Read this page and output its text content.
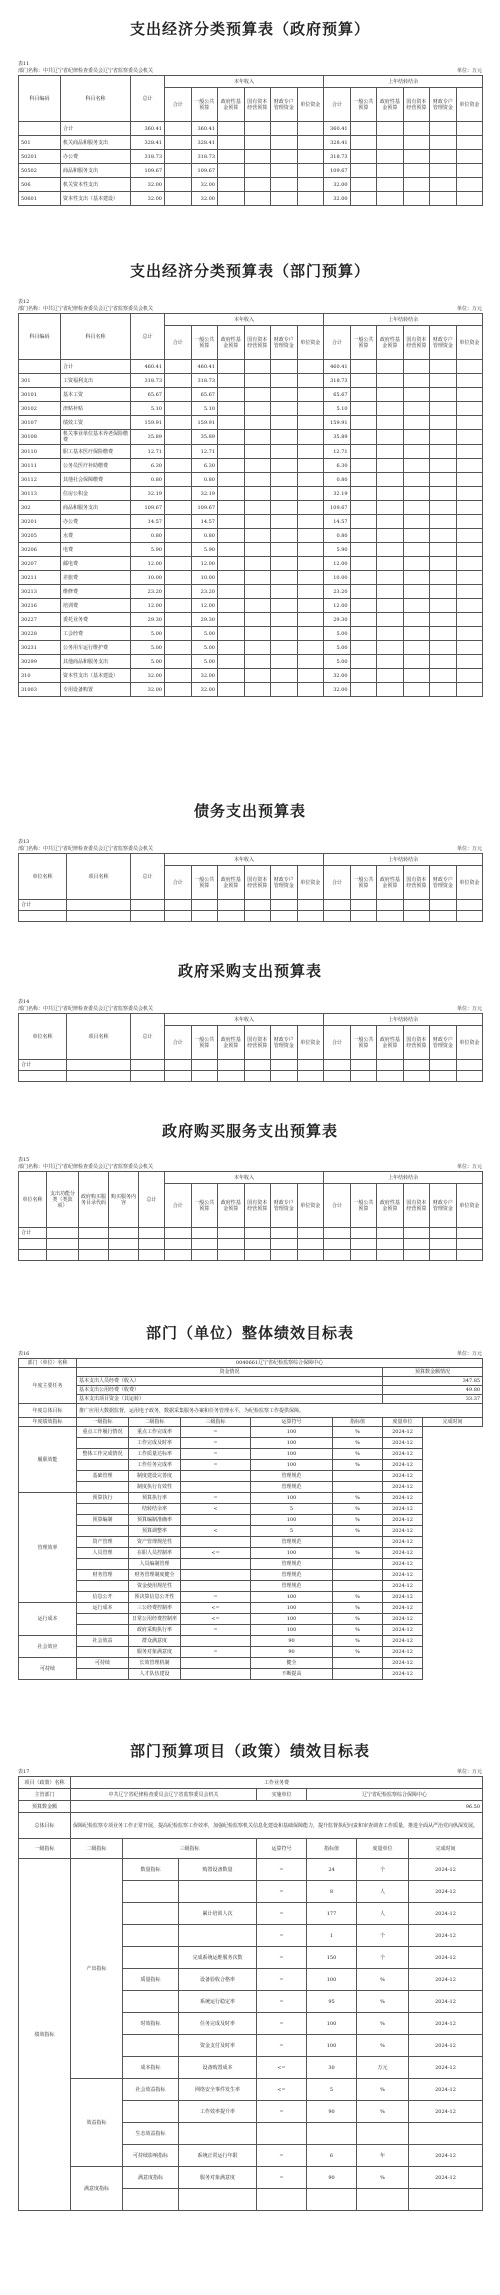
支出经济分类预算表（政府预算）
表11
部门名称：中共辽宁省纪律检查委员会辽宁省监察委员会机关	单位：万元
科目编码	科目名称	总计	本年收入						上年结转结余						
			合计	一般公共预算	政府性基金预算	国有资本经营预算	财政专户管理资金	单位资金	合计	一般公共预算	政府性基金预算	国有资本经营预算	财政专户管理资金	单位资金	
	合计	360.41		360.41					360.41						
501	机关商品和服务支出	328.41		328.41					328.41						
50201	办公费	318.73		318.73					318.73						
50502	商品和服务支出	109.67		109.67					109.67						
506	机关资本性支出	32.00		32.00					32.00						
50601	资本性支出（基本建设）	32.00		32.00					32.00						
支出经济分类预算表（部门预算）
表12
部门名称：中共辽宁省纪律检查委员会辽宁省监察委员会机关	单位：万元
科目编码	科目名称	总计	本年收入						上年结转结余						
			合计	一般公共预算	政府性基金预算	国有资本经营预算	财政专户管理资金	单位资金	合计	一般公共预算	政府性基金预算	国有资本经营预算	财政专户管理资金	单位资金	
	合计	460.41		460.41					460.41						
301	工资福利支出	318.73		318.73					318.73						
30101	基本工资	65.67		65.67					65.67						
30102	津贴补贴	5.10		5.10					5.10						
30107	绩效工资	159.91		159.91					159.91						
30108	机关事业单位基本养老保险缴费	35.89		35.89					35.89						
30110	职工基本医疗保险缴费	12.71		12.71					12.71						
30111	公务员医疗补助缴费	6.30		6.30					6.30						
30112	其他社会保障缴费	0.80		0.80					0.80						
30113	住房公积金	32.19		32.19					32.19						
302	商品和服务支出	109.67		109.67					109.67						
30201	办公费	14.57		14.57					14.57						
30205	水费	0.80		0.80					0.80						
30206	电费	5.90		5.90					5.90						
30207	邮电费	12.00		12.00					12.00						
30211	差旅费	10.00		10.00					10.00						
30213	维修费	23.20		23.20					23.20						
30216	培训费	12.00		12.00					12.00						
30227	委托业务费	29.30		29.30					29.30						
30228	工会经费	5.00		5.00					5.00						
30231	公务用车运行维护费	5.00		5.00					5.00						
30299	其他商品和服务支出	5.00		5.00					5.00						
310	资本性支出（基本建设）	32.00		32.00					32.00						
31003	专用设备购置	32.00		32.00					32.00						
债务支出预算表
表13
部门名称：中共辽宁省纪律检查委员会辽宁省监察委员会机关	单位：万元
单位名称	项目名称	总计	本年收入						上年结转结余					
			合计	一般公共预算	政府性基金预算	国有资本经营预算	财政专户管理资金	单位资金	合计	一般公共预算	政府性基金预算	国有资本经营预算	财政专户管理资金	单位资金
合计														

政府采购支出预算表
表14
部门名称：中共辽宁省纪律检查委员会辽宁省监察委员会机关	单位：万元
单位名称	项目名称	总计	本年收入						上年结转结余					
			合计	一般公共预算	政府性基金预算	国有资本经营预算	财政专户管理资金	单位资金	合计	一般公共预算	政府性基金预算	国有资本经营预算	财政专户管理资金	单位资金
合计														

政府购买服务支出预算表
表15
部门名称：中共辽宁省纪律检查委员会辽宁省监察委员会机关	单位：万元
单位名称	支出功能分类（类款项）	政府购买服务目录代码	购买服务内容	总计	本年收入						上年结转结余					
					合计	一般公共预算	政府性基金预算	国有资本经营预算	财政专户管理资金	单位资金	合计	一般公共预算	政府性基金预算	国有资本经营预算	财政专户管理资金	单位资金
合计																

部门（单位）整体绩效目标表
表16	单位：万元
部门（单位）名称	0040661辽宁省纪检监察综合保障中心						
年度主要任务	资金情况					预算数金额情况	
	基本支出人员经费（收入）					347.85	
	基本支出公用经费（收费）					49.80	
	基本支出项目资金（其运转）					33.37	
年度总体目标	推广应用大数据监督，运用电子政务，数据采集服务办案和任务管理水平，为纪检监察工作提供保障。						
年度绩效指标	一级指标	二级指标	三级指标	运算符号	指标值	度量单位	完成时间
履职效能	重点工作履行情况	重点工作完成率	=	100	%	2024-12	
		工作完成及时率	=	100	%	2024-12	
	整体工作完成情况	工作质量达标率	=	100	%	2024-12	
		工作任务完成率	=	100	%	2024-12	
	基础管理	制度建设完善度		管理规范		2024-12	
		制度执行有效性		管理规范		2024-12	
管理效率	预算执行	预算执行率	=	100	%	2024-12	
		结转结余率	<	5	%	2024-12	
	预算编制	预算编制准确率		100	%	2024-12	
		预算调整率	<	5	%	2024-12	
	资产管理	资产管理规范性		管理规范		2024-12	
	人员管理	在职人员控制率	<=	100	%	2024-12	
		人员编制管理		管理规范		2024-12	
	财务管理	财务管理制度健全		管理规范		2024-12	
		资金使用规范性		管理规范		2024-12	
	信息公开	预决算信息公开性	=	100	%	2024-12	
运行成本	运行成本	三公经费控制率	<=	100	%	2024-12	
		日常公用经费控制率	<=	100	%	2024-12	
		政府采购执行率	=	100	%	2024-12	
社会效应	社会效益	群众满意度		90	%	2024-12	
		服务对象满意度	=	90	%	2024-12	
可持续	可持续	长效管理机制		健全		2024-12	
		人才队伍建设		不断提高		2024-12	
部门预算项目（政策）绩效目标表
表17	单位：万元
项目（政策）名称	工作业务费						
主管部门	中共辽宁省纪律检查委员会辽宁省监察委员会机关			实施单位	辽宁省纪检监察综合保障中心		
预算数金额	96.50						
总体目标	保障纪检监察专项业务工作正常开展，提高纪检监察工作效率，加强纪检监察机关信息化建设和基础保障能力，提升监督执纪问责和审查调查工作质量，推进全面从严治党向纵深发展。						
一级指标	二级指标	三级指标		运算符号	指标值	度量单位	完成时间
绩效指标	产出指标	数量指标	购置设备数量	=	24	个	2024-12
				=	8	人	2024-12
			累计培训人次	=	177	人	2024-12
				=	1	个	2024-12
			完成系统运维服务次数	=	150	个	2024-12
		质量指标	设备验收合格率	=	100	%	2024-12
			系统运行稳定率	=	95	%	2024-12
		时效指标	任务完成及时率	=	100	%	2024-12
			资金支付及时率	=	100	%	2024-12
		成本指标	设备购置成本	<=	30	万元	2024-12
	效益指标	社会效益指标	网络安全事件发生率	<=	5	%	2024-12
			工作效率提升率	=	90	%	2024-12
		生态效益指标					
		可持续影响指标	系统正常运行年限	=	6	年	2024-12
	满意度指标	满意度指标	服务对象满意度	=	90	%	2024-12
